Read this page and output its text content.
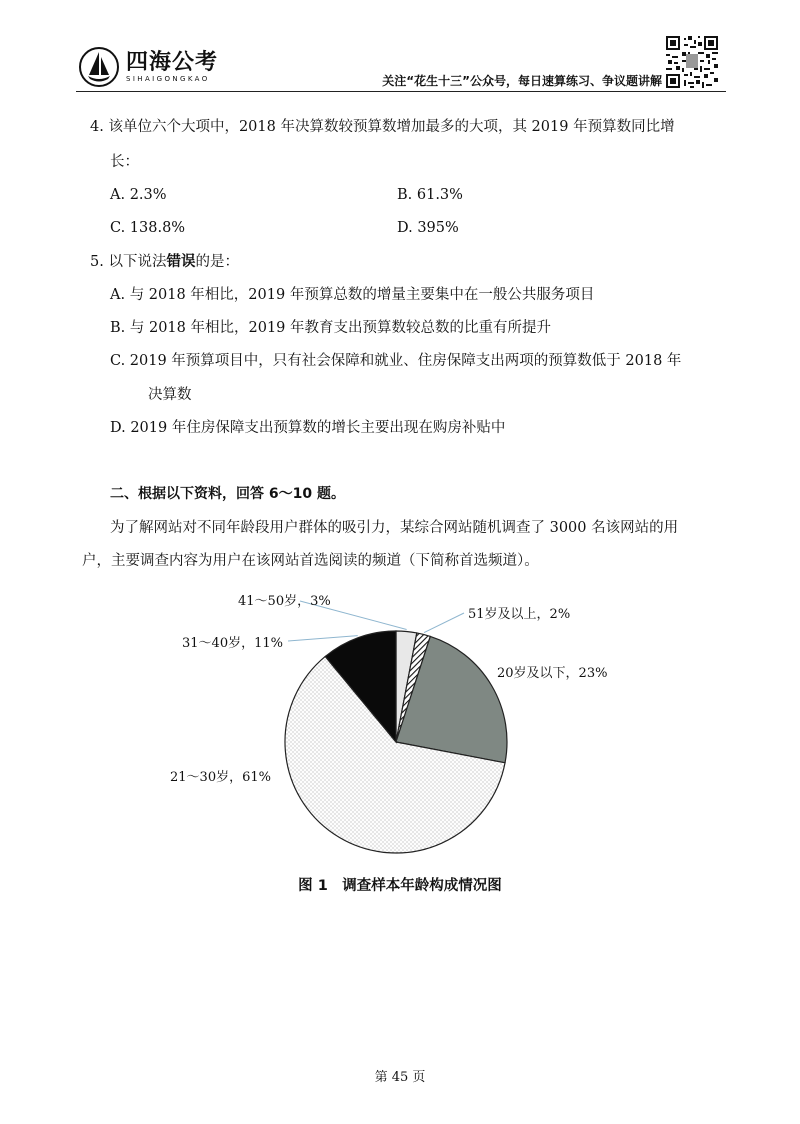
四海公考
SIHAIGONGKAO	关注“花生十三”公众号，每日速算练习、争议题讲解
4. 该单位六个大项中，2018 年决算数较预算数增加最多的大项，其 2019 年预算数同比增
长：
A. 2.3%	B. 61.3%
C. 138.8%	D. 395%
5. 以下说法错误的是：
A. 与 2018 年相比，2019 年预算总数的增量主要集中在一般公共服务项目
B. 与 2018 年相比，2019 年教育支出预算数较总数的比重有所提升
C. 2019 年预算项目中，只有社会保障和就业、住房保障支出两项的预算数低于 2018 年
决算数
D. 2019 年住房保障支出预算数的增长主要出现在购房补贴中
二、根据以下资料，回答 6～10 题。
为了解网站对不同年龄段用户群体的吸引力，某综合网站随机调查了 3000 名该网站的用
户，主要调查内容为用户在该网站首选阅读的频道（下简称首选频道）。
41～50岁，3%
51岁及以上，2%
20岁及以下，23%
21～30岁，61%
31～40岁，11%
图 1　调查样本年龄构成情况图
第 45 页
